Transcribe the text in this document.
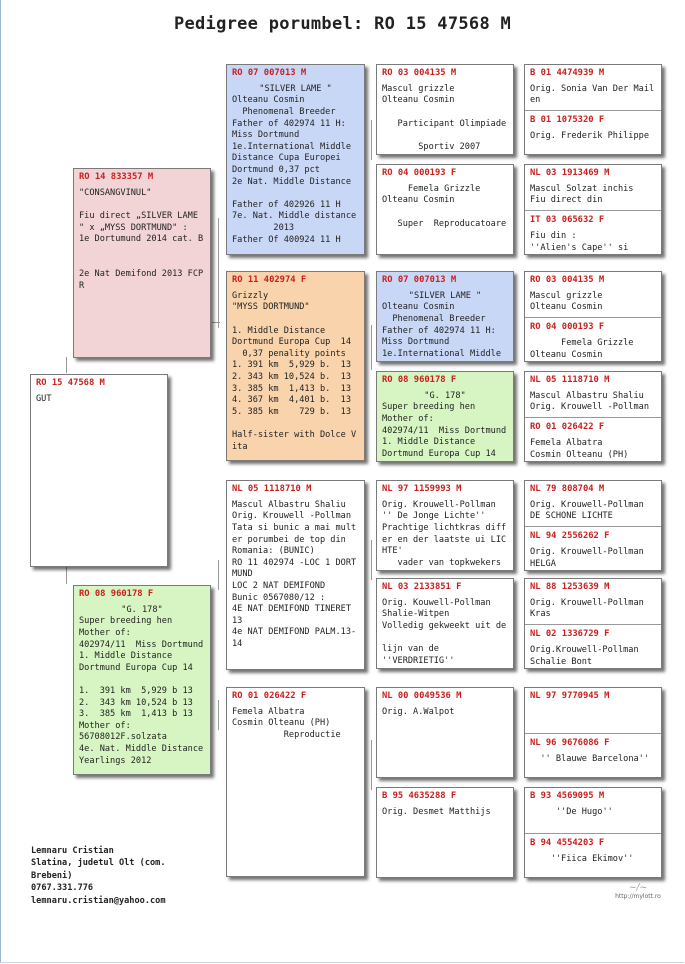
Pedigree porumbel: RO 15 47568 M
RO 15 47568 M
GUT
RO 14 833357 M
"CONSANGVINUL"

Fiu direct „SILVER LAME
" x „MYSS DORTMUND" :
1e Dortumund 2014 cat. B

2e Nat Demifond 2013 FCP
R
RO 08 960178 F
"G. 178"
Super breeding hen
Mother of:
402974/11  Miss Dortmund
1. Middle Distance
Dortmund Europa Cup 14

1.  391 km  5,929 b 13
2.  343 km 10,524 b 13
3.  385 km  1,413 b 13
Mother of:
56708012F.solzata
4e. Nat. Middle Distance
Yearlings 2012
RO 07 007013 M
"SILVER LAME "
Olteanu Cosmin
Phenomenal Breeder
Father of 402974 11 H:
Miss Dortmund
1e.International Middle
Distance Cupa Europei
Dortmund 0,37 pct
2e Nat. Middle Distance

Father of 402926 11 H
7e. Nat. Middle distance
2013
Father Of 400924 11 H
RO 11 402974 F
Grizzly
"MYSS DORTMUND"

1. Middle Distance
Dortmund Europa Cup  14
0,37 penality points
1. 391 km  5,929 b.  13
2. 343 km 10,524 b.  13
3. 385 km  1,413 b.  13
4. 367 km  4,401 b.  13
5. 385 km    729 b.  13

Half-sister with Dolce V
ita
NL 05 1118710 M
Mascul Albastru Shaliu
Orig. Krouwell -Pollman
Tata si bunic a mai mult
er porumbei de top din
Romania: (BUNIC)
RO 11 402974 -LOC 1 DORT
MUND
LOC 2 NAT DEMIFOND
Bunic 0567080/12 :
4E NAT DEMIFOND TINERET
13
4e NAT DEMIFOND PALM.13-
14
RO 01 026422 F
Femela Albatra
Cosmin Olteanu (PH)
Reproductie
RO 03 004135 M
Mascul grizzle
Olteanu Cosmin

Participant Olimpiade

Sportiv 2007
RO 04 000193 F
Femela Grizzle
Olteanu Cosmin

Super  Reproducatoare
RO 07 007013 M
"SILVER LAME "
Olteanu Cosmin
Phenomenal Breeder
Father of 402974 11 H:
Miss Dortmund
1e.International Middle
RO 08 960178 F
"G. 178"
Super breeding hen
Mother of:
402974/11  Miss Dortmund
1. Middle Distance
Dortmund Europa Cup 14
NL 97 1159993 M
Orig. Krouwell-Pollman
'' De Jonge Lichte''
Prachtige lichtkras diff
er en der laatste ui LIC
HTE'
vader van topkwekers
NL 03 2133851 F
Orig. Kouwell-Pollman
Shalie-Witpen
Volledig gekweekt uit de

lijn van de
''VERDRIETIG''
NL 00 0049536 M
Orig. A.Walpot
B 95 4635288 F
Orig. Desmet Matthijs
B 01 4474939 M
Orig. Sonia Van Der Mail
en
B 01 1075320 F
Orig. Frederik Philippe
NL 03 1913469 M
Mascul Solzat inchis
Fiu direct din
IT 03 065632 F
Fiu din :
''Alien's Cape'' si
RO 03 004135 M
Mascul grizzle
Olteanu Cosmin
RO 04 000193 F
Femela Grizzle
Olteanu Cosmin
NL 05 1118710 M
Mascul Albastru Shaliu
Orig. Krouwell -Pollman
RO 01 026422 F
Femela Albatra
Cosmin Olteanu (PH)
NL 79 808704 M
Orig. Krouwell-Pollman
DE SCHONE LICHTE
NL 94 2556262 F
Orig. Krouwell-Pollman
HELGA
NL 88 1253639 M
Orig. Krouwell-Pollman
Kras
NL 02 1336729 F
Orig.Krouwell-Pollman
Schalie Bont
NL 97 9770945 M
NL 96 9676086 F
'' Blauwe Barcelona''
B 93 4569095 M
''De Hugo''
B 94 4554203 F
''Fiica Ekimov''
Lemnaru Cristian
Slatina, judetul Olt (com.
Brebeni)
0767.331.776
lemnaru.cristian@yahoo.com
~/~
http://mylott.ro
